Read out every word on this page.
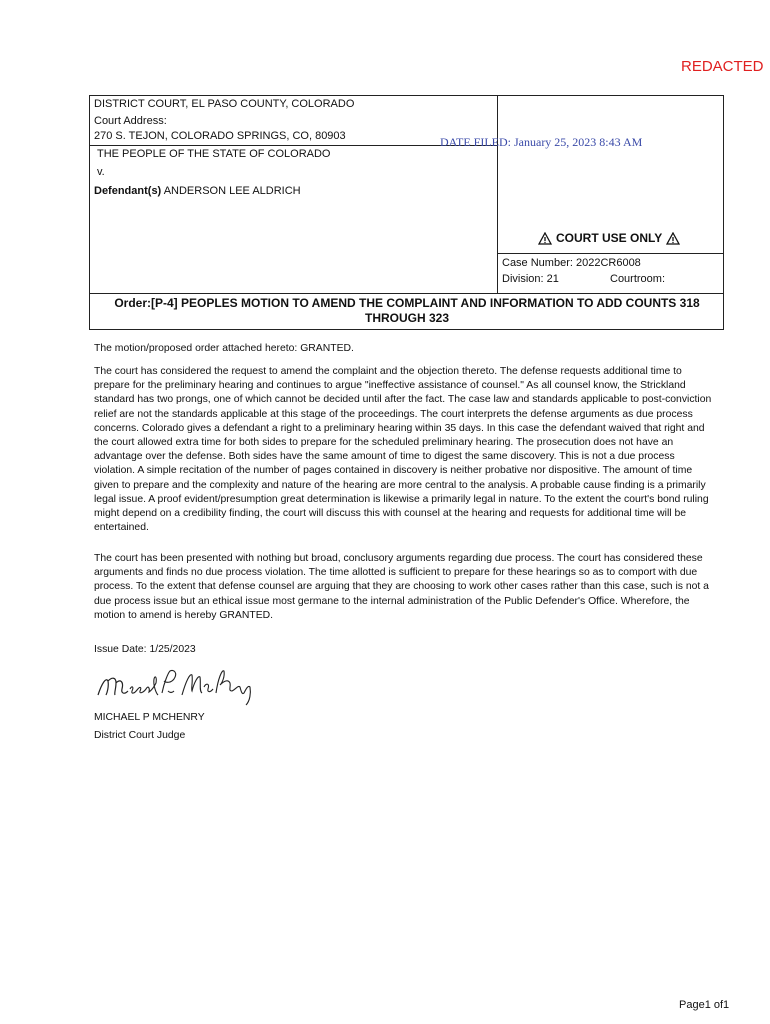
REDACTED
DISTRICT COURT, EL PASO COUNTY, COLORADO
Court Address:
270 S. TEJON, COLORADO SPRINGS, CO, 80903
THE PEOPLE OF THE STATE OF COLORADO
v.
Defendant(s) ANDERSON LEE ALDRICH
COURT USE ONLY
Case Number: 2022CR6008
Division: 21	Courtroom:
Order:[P-4] PEOPLES MOTION TO AMEND THE COMPLAINT AND INFORMATION TO ADD COUNTS 318
THROUGH 323
DATE FILED: January 25, 2023 8:43 AM
The motion/proposed order attached hereto: GRANTED.
The court has considered the request to amend the complaint and the objection thereto. The defense requests additional time to prepare for the preliminary hearing and continues to argue "ineffective assistance of counsel." As all counsel know, the Strickland standard has two prongs, one of which cannot be decided until after the fact. The case law and standards applicable to post-conviction relief are not the standards applicable at this stage of the proceedings. The court interprets the defense arguments as due process concerns. Colorado gives a defendant a right to a preliminary hearing within 35 days. In this case the defendant waived that right and the court allowed extra time for both sides to prepare for the scheduled preliminary hearing. The prosecution does not have an advantage over the defense. Both sides have the same amount of time to digest the same discovery. This is not a due process violation. A simple recitation of the number of pages contained in discovery is neither probative nor dispositive. The amount of time given to prepare and the complexity and nature of the hearing are more central to the analysis. A probable cause finding is a primarily legal issue. A proof evident/presumption great determination is likewise a primarily legal in nature. To the extent the court's bond ruling might depend on a credibility finding, the court will discuss this with counsel at the hearing and requests for additional time will be entertained.
The court has been presented with nothing but broad, conclusory arguments regarding due process. The court has considered these arguments and finds no due process violation. The time allotted is sufficient to prepare for these hearings so as to comport with due process. To the extent that defense counsel are arguing that they are choosing to work other cases rather than this case, such is not a due process issue but an ethical issue most germane to the internal administration of the Public Defender's Office. Wherefore, the motion to amend is hereby GRANTED.
Issue Date: 1/25/2023
MICHAEL P MCHENRY
District Court Judge
Page1 of1
